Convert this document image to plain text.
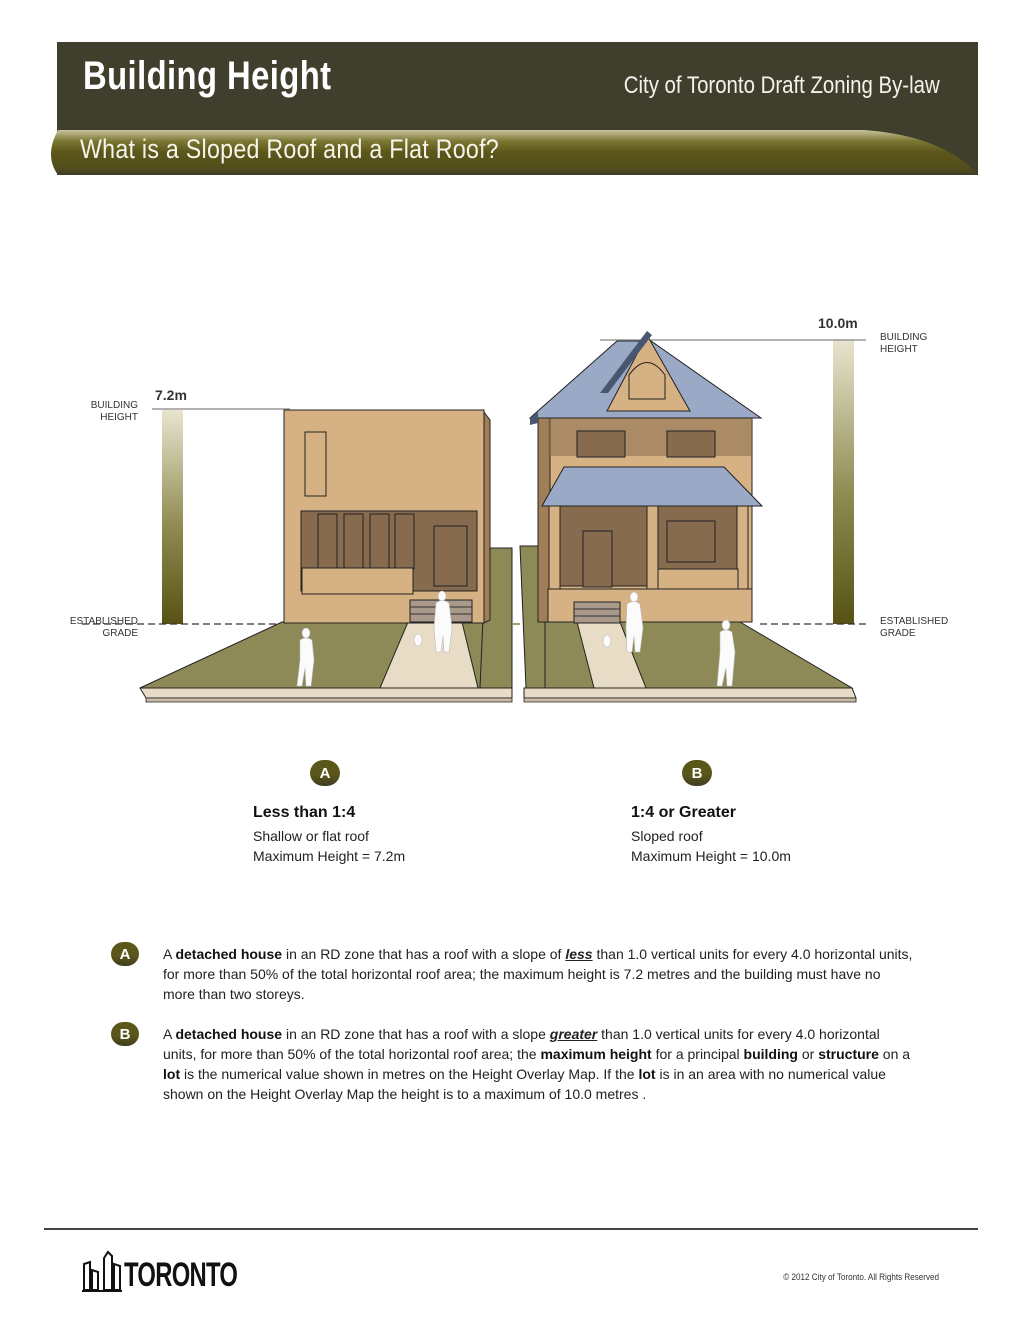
Building Height	City of Toronto Draft Zoning By-law
What is a Sloped Roof and a Flat Roof?
BUILDING
HEIGHT
7.2m
ESTABLISHED
GRADE
10.0m
BUILDING
HEIGHT
ESTABLISHED
GRADE
A
Less than 1:4
Shallow or flat roof
Maximum Height = 7.2m
B
1:4 or Greater
Sloped roof
Maximum Height = 10.0m
A	A detached house in an RD zone that has a roof with a slope of less than 1.0 vertical units for every 4.0 horizontal units, for more than 50% of the total horizontal roof area; the maximum height is 7.2 metres and the building must have no more than two storeys.
B	A detached house in an RD zone that has a roof with a slope greater than 1.0 vertical units for every 4.0 horizontal units, for more than 50% of the total horizontal roof area; the maximum height for a principal building or structure on a lot is the numerical value shown in metres on the Height Overlay Map. If the lot is in an area with no numerical value shown on the Height Overlay Map the height is to a maximum of 10.0 metres .
TORONTO	© 2012 City of Toronto. All Rights Reserved
